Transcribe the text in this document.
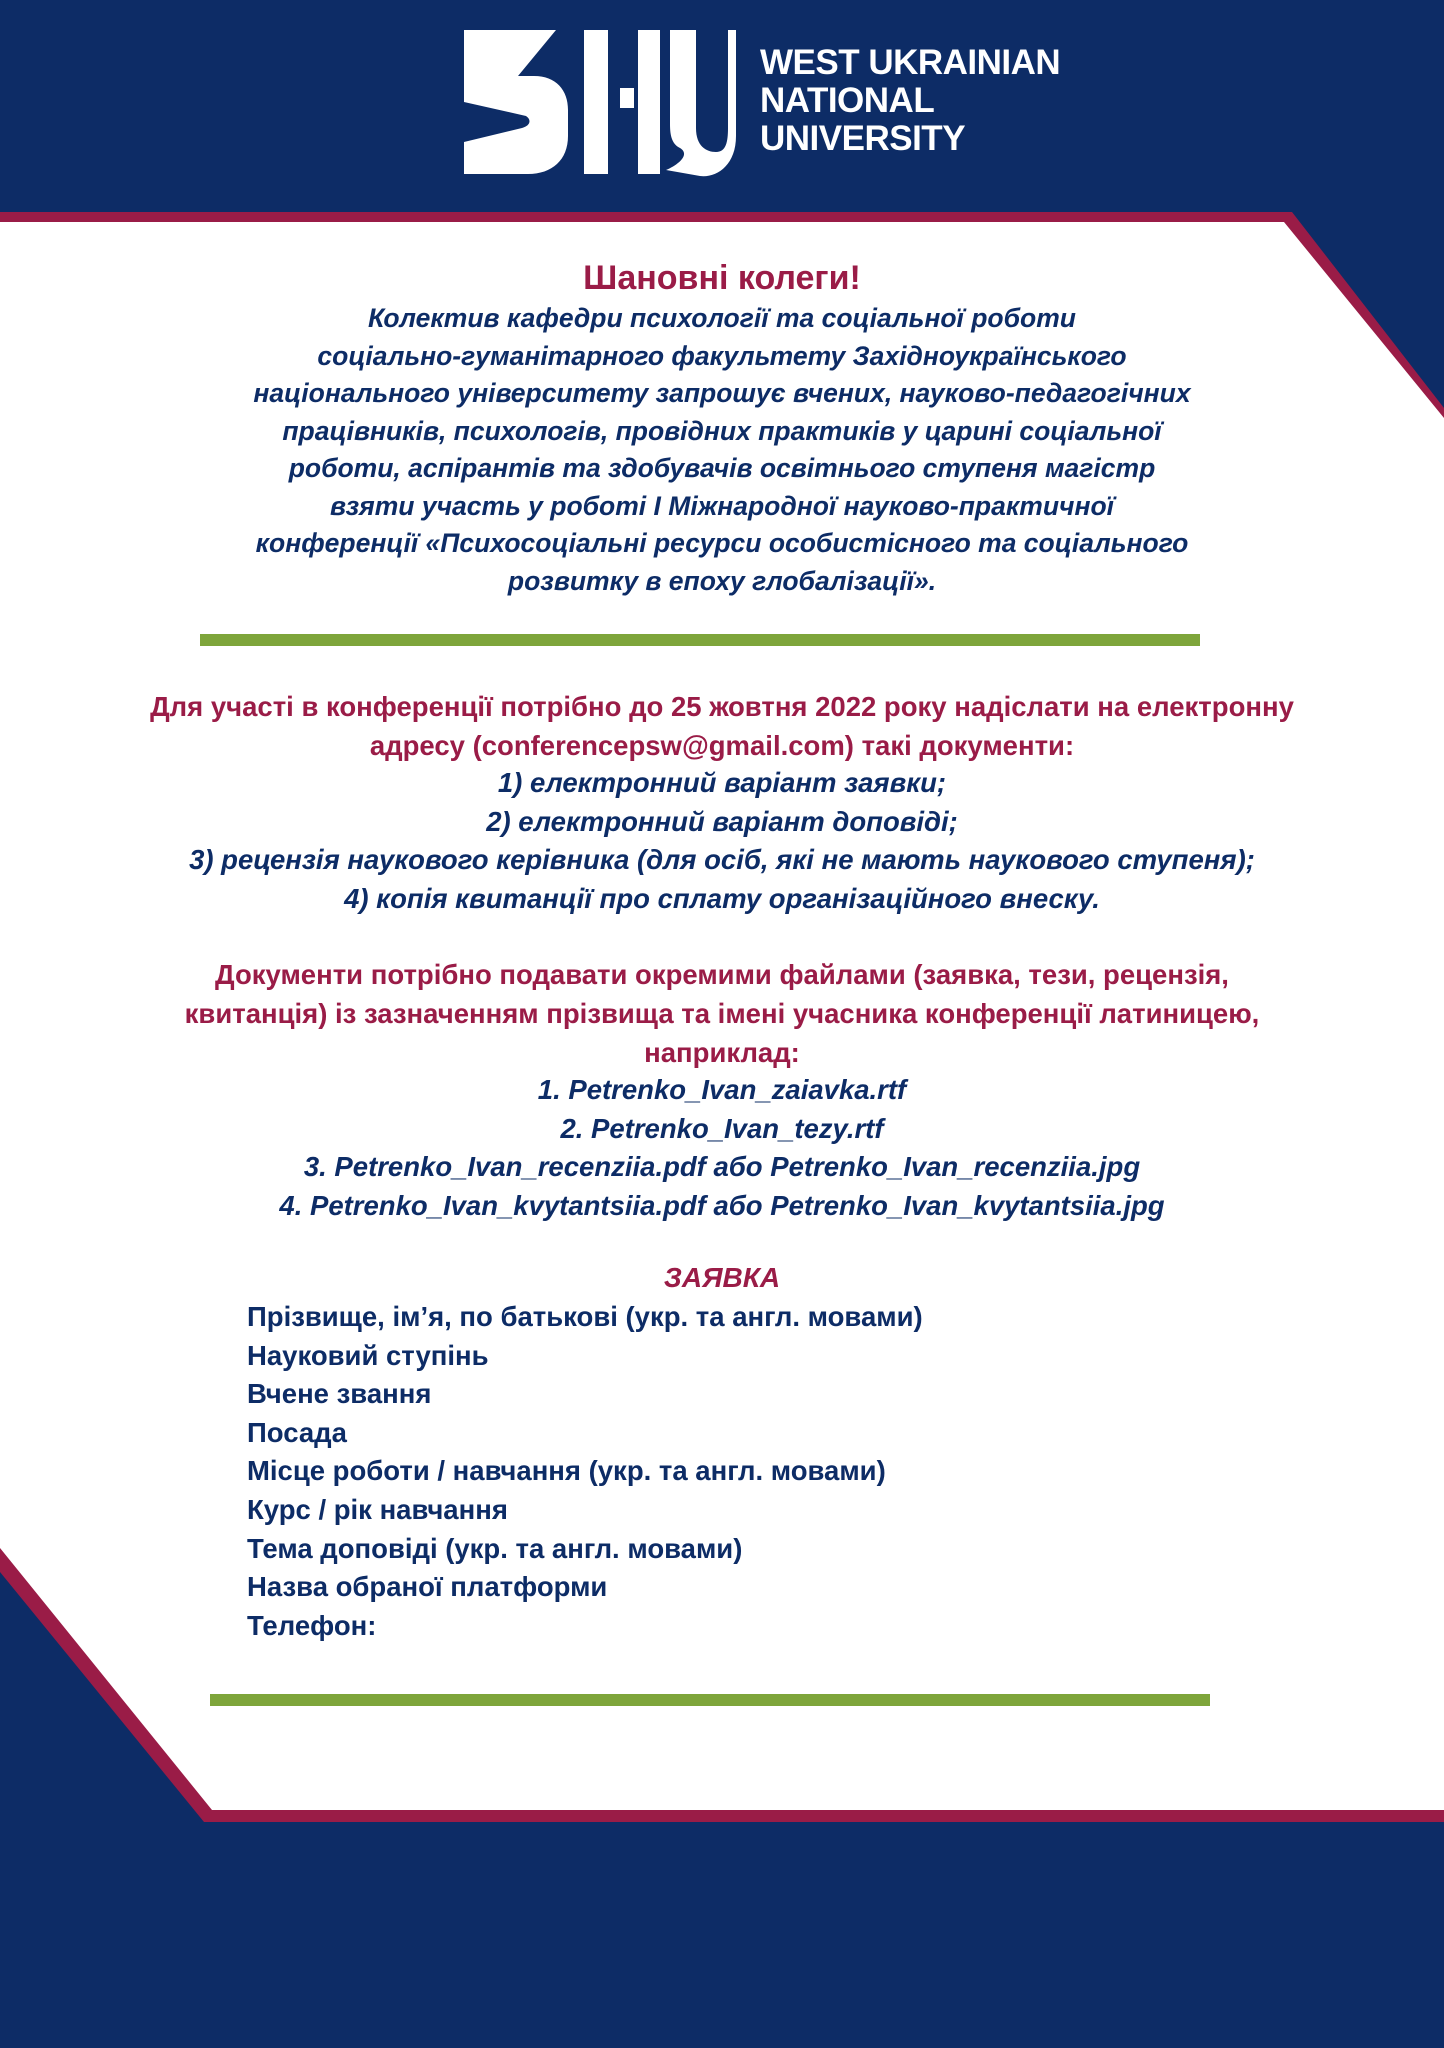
WEST UKRAINIAN
NATIONAL
UNIVERSITY
Шановні колеги!
Колектив кафедри психології та соціальної роботи
соціально-гуманітарного факультету Західноукраїнського
національного університету запрошує вчених, науково-педагогічних
працівників, психологів, провідних практиків у царині соціальної
роботи, аспірантів та здобувачів освітнього ступеня магістр
взяти участь у роботі І Міжнародної науково-практичної
конференції «Психосоціальні ресурси особистісного та соціального
розвитку в епоху глобалізації».
Для участі в конференції потрібно до 25 жовтня 2022 року надіслати на електронну
адресу (conferencepsw@gmail.com) такі документи:
1) електронний варіант заявки;
2) електронний варіант доповіді;
3) рецензія наукового керівника (для осіб, які не мають наукового ступеня);
4) копія квитанції про сплату організаційного внеску.
Документи потрібно подавати окремими файлами (заявка, тези, рецензія,
квитанція) із зазначенням прізвища та імені учасника конференції латиницею,
наприклад:
1. Petrenko_Ivan_zaiavka.rtf
2. Petrenko_Ivan_tezy.rtf
3. Petrenko_Ivan_recenziia.pdf або Petrenko_Ivan_recenziia.jpg
4. Petrenko_Ivan_kvytantsiia.pdf або Petrenko_Ivan_kvytantsiia.jpg
ЗАЯВКА
Прізвище, ім’я, по батькові (укр. та англ. мовами)
Науковий ступінь
Вчене звання
Посада
Місце роботи / навчання (укр. та англ. мовами)
Курс / рік навчання
Тема доповіді (укр. та англ. мовами)
Назва обраної платформи
Телефон:
